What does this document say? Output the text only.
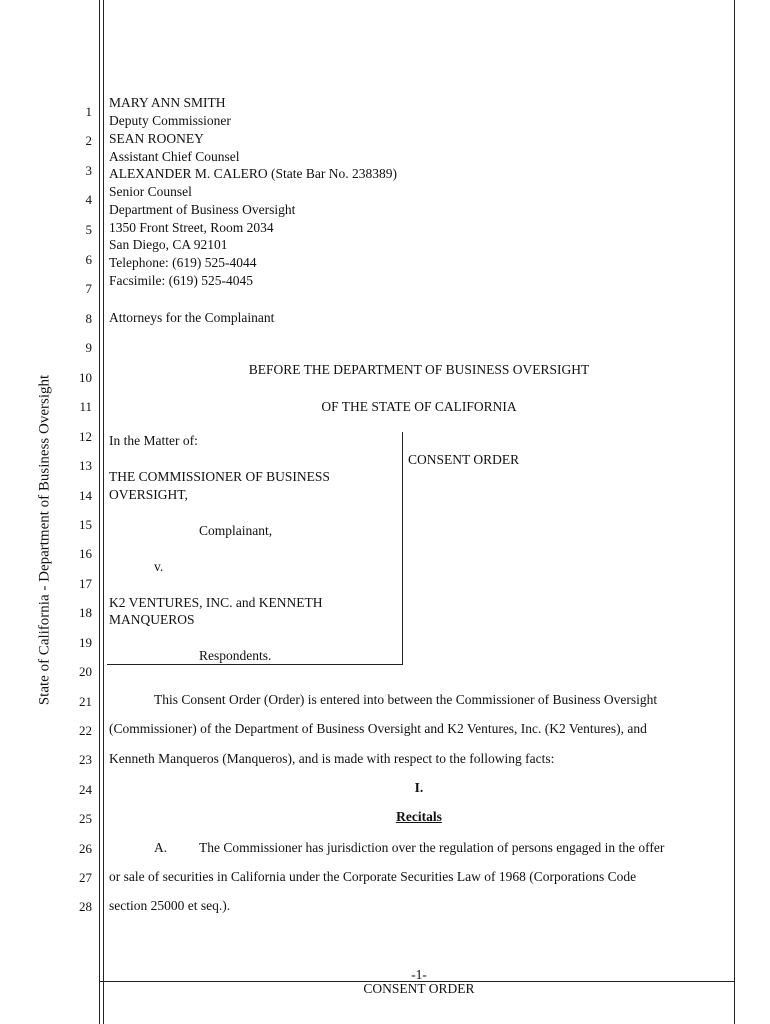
State of California - Department of Business Oversight
1
2
3
4
5
6
7
8
9
10
11
12
13
14
15
16
17
18
19
20
21
22
23
24
25
26
27
28
MARY ANN SMITH
Deputy Commissioner
SEAN ROONEY
Assistant Chief Counsel
ALEXANDER M. CALERO (State Bar No. 238389)
Senior Counsel
Department of Business Oversight
1350 Front Street, Room 2034
San Diego, CA 92101
Telephone: (619) 525-4044
Facsimile: (619) 525-4045
Attorneys for the Complainant
BEFORE THE DEPARTMENT OF BUSINESS OVERSIGHT
OF THE STATE OF CALIFORNIA
In the Matter of:
THE COMMISSIONER OF BUSINESS
OVERSIGHT,
Complainant,
v.
K2 VENTURES, INC. and KENNETH
MANQUEROS
Respondents.
CONSENT ORDER
This Consent Order (Order) is entered into between the Commissioner of Business Oversight
(Commissioner) of the Department of Business Oversight and K2 Ventures, Inc. (K2 Ventures), and
Kenneth Manqueros (Manqueros), and is made with respect to the following facts:
I.
Recitals
A. The Commissioner has jurisdiction over the regulation of persons engaged in the offer
or sale of securities in California under the Corporate Securities Law of 1968 (Corporations Code
section 25000 et seq.).
-1-
CONSENT ORDER
